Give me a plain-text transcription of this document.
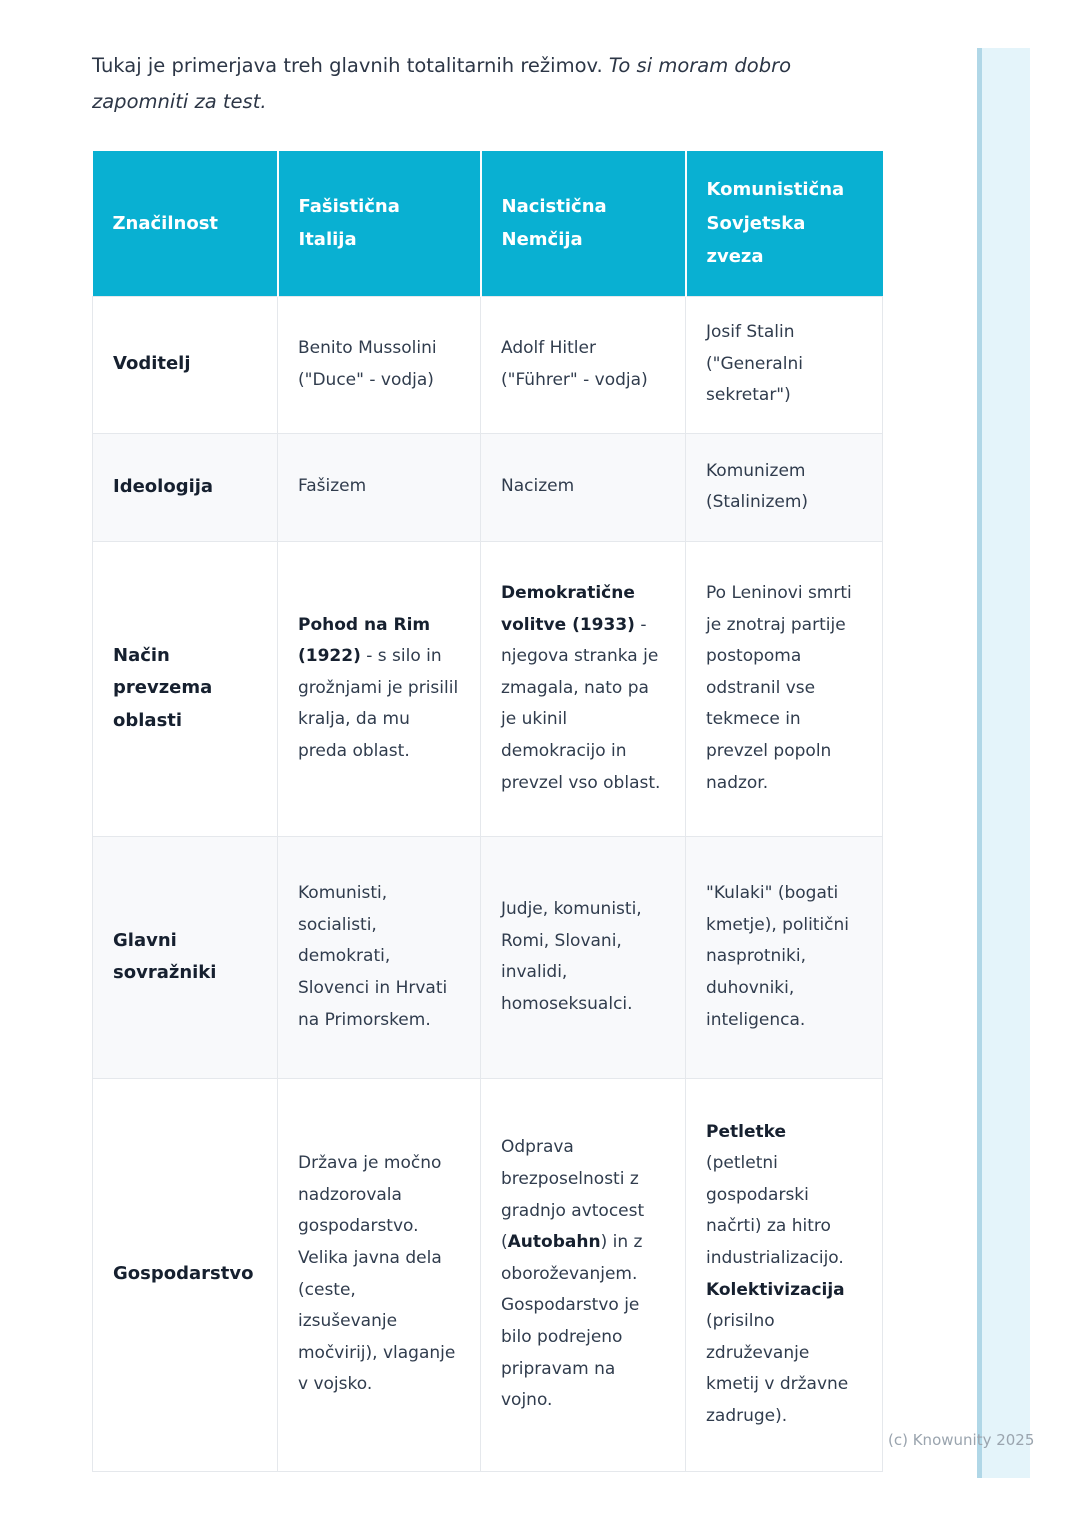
(c) Knowunity 2025

Tukaj je primerjava treh glavnih totalitarnih režimov. To si moram dobro zapomniti za test.

Značilnost	Fašistična Italija	Nacistična Nemčija	Komunistična Sovjetska zveza
Voditelj	Benito Mussolini ("Duce" - vodja)	Adolf Hitler ("Führer" - vodja)	Josif Stalin ("Generalni sekretar")
Ideologija	Fašizem	Nacizem	Komunizem (Stalinizem)
Način prevzema oblasti	Pohod na Rim (1922) - s silo in grožnjami je prisilil kralja, da mu preda oblast.	Demokratične volitve (1933) - njegova stranka je zmagala, nato pa je ukinil demokracijo in prevzel vso oblast.	Po Leninovi smrti je znotraj partije postopoma odstranil vse tekmece in prevzel popoln nadzor.
Glavni sovražniki	Komunisti, socialisti, demokrati, Slovenci in Hrvati na Primorskem.	Judje, komunisti, Romi, Slovani, invalidi, homoseksualci.	"Kulaki" (bogati kmetje), politični nasprotniki, duhovniki, inteligenca.
Gospodarstvo	Država je močno nadzorovala gospodarstvo. Velika javna dela (ceste, izsuševanje močvirij), vlaganje v vojsko.	Odprava brezposelnosti z gradnjo avtocest (Autobahn) in z oboroževanjem. Gospodarstvo je bilo podrejeno pripravam na vojno.	Petletke (petletni gospodarski načrti) za hitro industrializacijo. Kolektivizacija (prisilno združevanje kmetij v državne zadruge).
